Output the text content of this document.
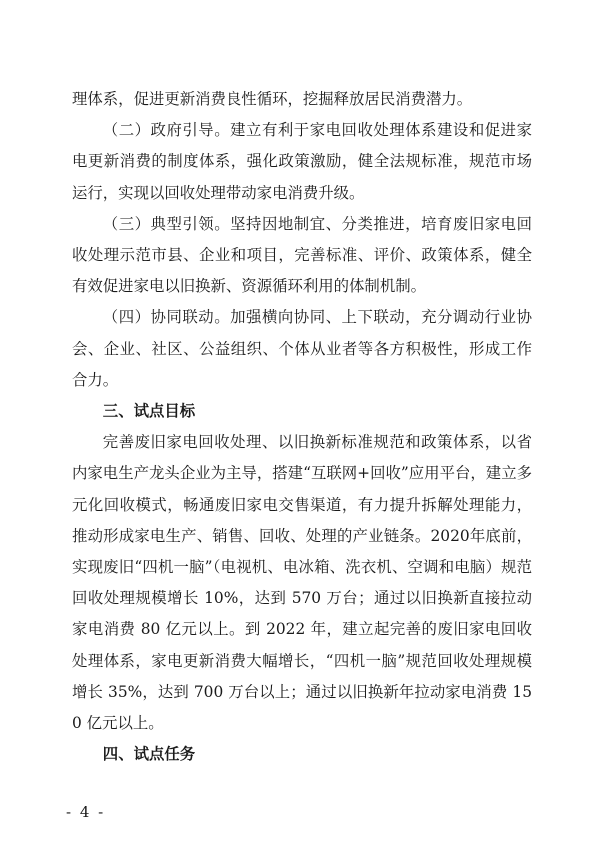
理体系，促进更新消费良性循环，挖掘释放居民消费潜力。

（二）政府引导。建立有利于家电回收处理体系建设和促进家电更新消费的制度体系，强化政策激励，健全法规标准，规范市场运行，实现以回收处理带动家电消费升级。

（三）典型引领。坚持因地制宜、分类推进，培育废旧家电回收处理示范市县、企业和项目，完善标准、评价、政策体系，健全有效促进家电以旧换新、资源循环利用的体制机制。

（四）协同联动。加强横向协同、上下联动，充分调动行业协会、企业、社区、公益组织、个体从业者等各方积极性，形成工作合力。

三、试点目标

完善废旧家电回收处理、以旧换新标准规范和政策体系，以省内家电生产龙头企业为主导，搭建“互联网+回收”应用平台，建立多元化回收模式，畅通废旧家电交售渠道，有力提升拆解处理能力，推动形成家电生产、销售、回收、处理的产业链条。2020年底前，实现废旧“四机一脑”（电视机、电冰箱、洗衣机、空调和电脑）规范回收处理规模增长 10%，达到 570 万台；通过以旧换新直接拉动家电消费 80 亿元以上。到 2022 年，建立起完善的废旧家电回收处理体系，家电更新消费大幅增长，“四机一脑”规范回收处理规模增长 35%，达到 700 万台以上；通过以旧换新年拉动家电消费 150 亿元以上。

四、试点任务

- 4 -
